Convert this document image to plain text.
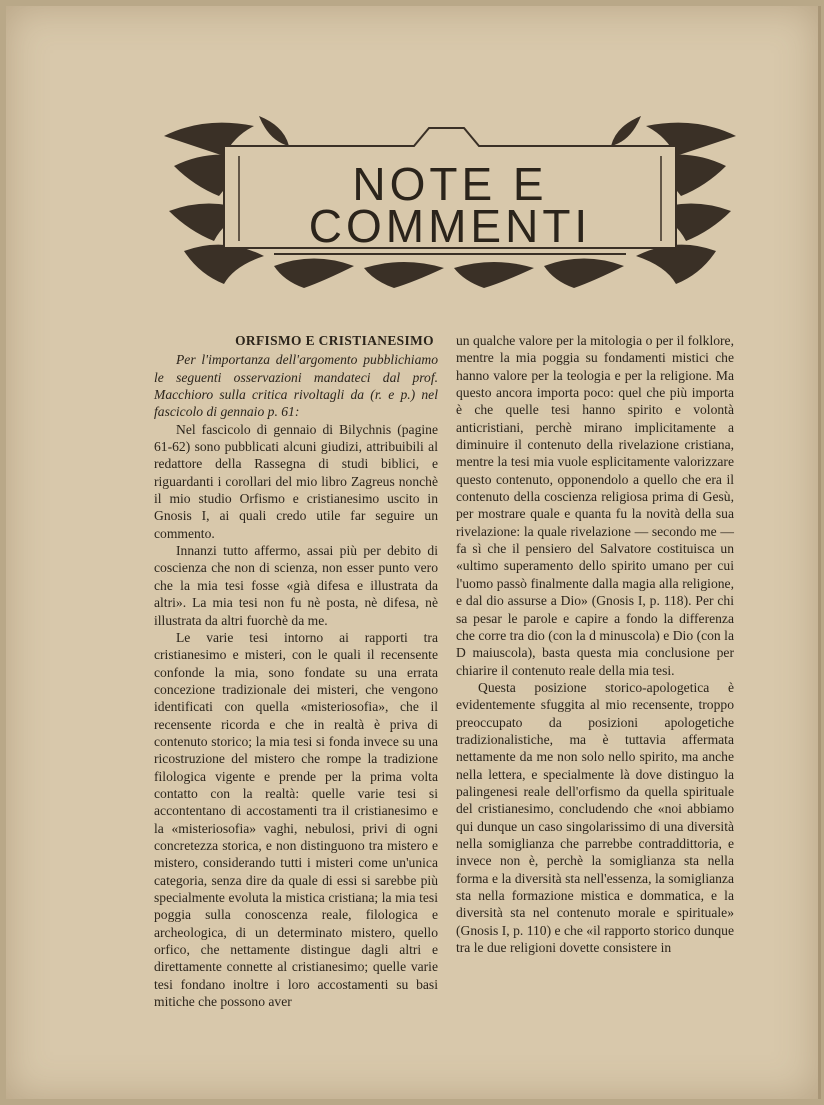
NOTE E
COMMENTI
ORFISMO E CRISTIANESIMO

Per l'importanza dell'argomento pubblichiamo le seguenti osservazioni mandateci dal prof. Macchioro sulla critica rivoltagli da (r. e p.) nel fascicolo di gennaio p. 61:

Nel fascicolo di gennaio di Bilychnis (pagine 61-62) sono pubblicati alcuni giudizi, attribuibili al redattore della Rassegna di studi biblici, e riguardanti i corollari del mio libro Zagreus nonchè il mio studio Orfismo e cristianesimo uscito in Gnosis I, ai quali credo utile far seguire un commento.

Innanzi tutto affermo, assai più per debito di coscienza che non di scienza, non esser punto vero che la mia tesi fosse «già difesa e illustrata da altri». La mia tesi non fu nè posta, nè difesa, nè illustrata da altri fuorchè da me.

Le varie tesi intorno ai rapporti tra cristianesimo e misteri, con le quali il recensente confonde la mia, sono fondate su una errata concezione tradizionale dei misteri, che vengono identificati con quella «misteriosofia», che il recensente ricorda e che in realtà è priva di contenuto storico; la mia tesi si fonda invece su una ricostruzione del mistero che rompe la tradizione filologica vigente e prende per la prima volta contatto con la realtà: quelle varie tesi si accontentano di accostamenti tra il cristianesimo e la «misteriosofia» vaghi, nebulosi, privi di ogni concretezza storica, e non distinguono tra mistero e mistero, considerando tutti i misteri come un'unica categoria, senza dire da quale di essi si sarebbe più specialmente evoluta la mistica cristiana; la mia tesi poggia sulla conoscenza reale, filologica e archeologica, di un determinato mistero, quello orfico, che nettamente distingue dagli altri e direttamente connette al cristianesimo; quelle varie tesi fondano inoltre i loro accostamenti su basi mitiche che possono aver

un qualche valore per la mitologia o per il folklore, mentre la mia poggia su fondamenti mistici che hanno valore per la teologia e per la religione. Ma questo ancora importa poco: quel che più importa è che quelle tesi hanno spirito e volontà anticristiani, perchè mirano implicitamente a diminuire il contenuto della rivelazione cristiana, mentre la tesi mia vuole esplicitamente valorizzare questo contenuto, opponendolo a quello che era il contenuto della coscienza religiosa prima di Gesù, per mostrare quale e quanta fu la novità della sua rivelazione: la quale rivelazione — secondo me — fa sì che il pensiero del Salvatore costituisca un «ultimo superamento dello spirito umano per cui l'uomo passò finalmente dalla magia alla religione, e dal dio assurse a Dio» (Gnosis I, p. 118). Per chi sa pesar le parole e capire a fondo la differenza che corre tra dio (con la d minuscola) e Dio (con la D maiuscola), basta questa mia conclusione per chiarire il contenuto reale della mia tesi.

Questa posizione storico-apologetica è evidentemente sfuggita al mio recensente, troppo preoccupato da posizioni apologetiche tradizionalistiche, ma è tuttavia affermata nettamente da me non solo nello spirito, ma anche nella lettera, e specialmente là dove distinguo la palingenesi reale dell'orfismo da quella spirituale del cristianesimo, concludendo che «noi abbiamo qui dunque un caso singolarissimo di una diversità nella somiglianza che parrebbe contraddittoria, e invece non è, perchè la somiglianza sta nella forma e la diversità sta nell'essenza, la somiglianza sta nella formazione mistica e dommatica, e la diversità sta nel contenuto morale e spirituale» (Gnosis I, p. 110) e che «il rapporto storico dunque tra le due religioni dovette consistere in
